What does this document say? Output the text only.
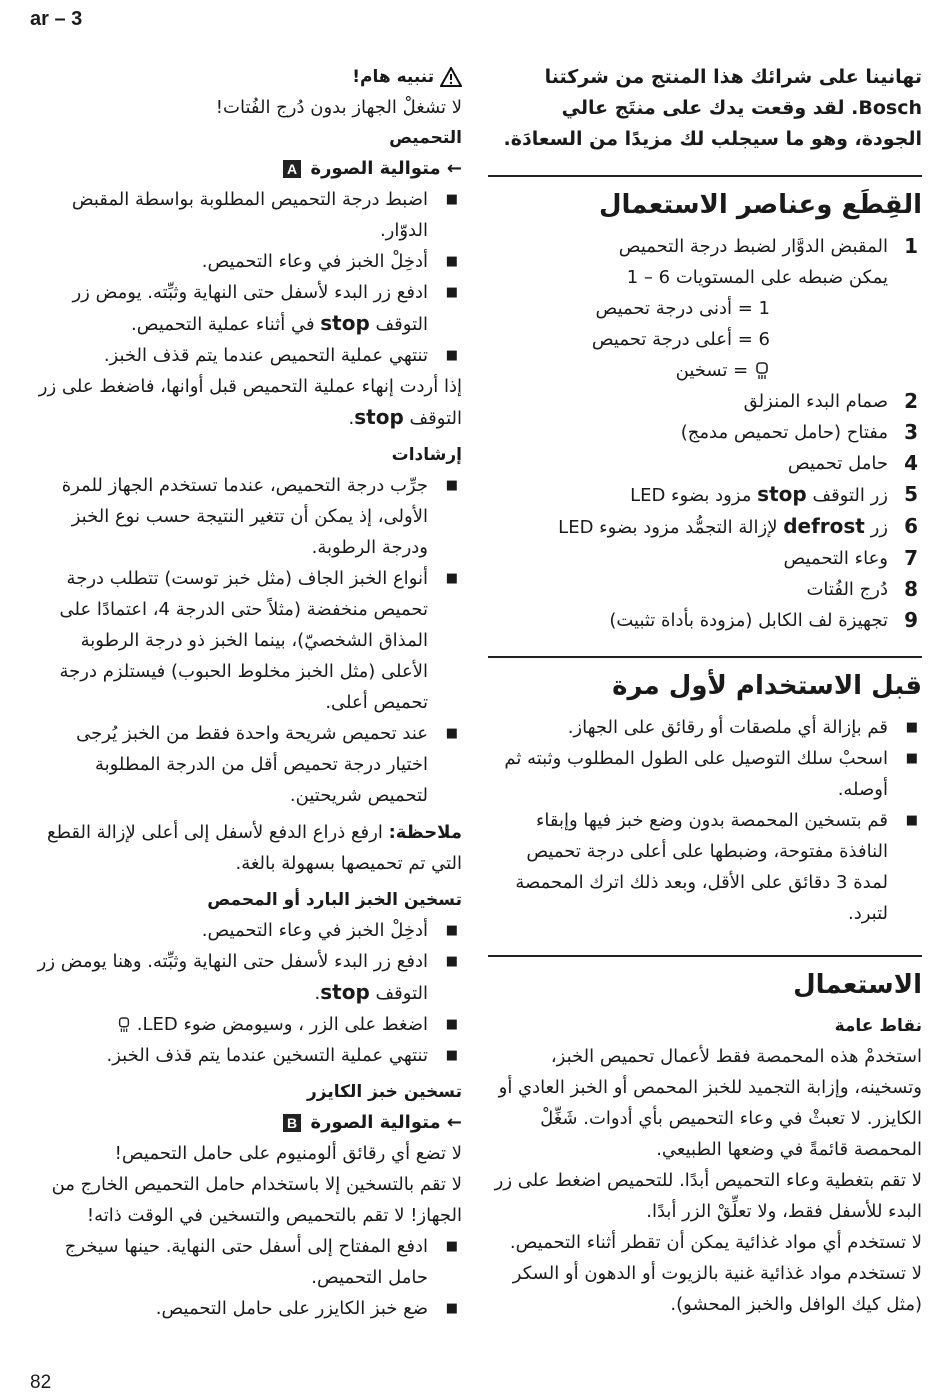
ar – 3

تهانينا على شرائك هذا المنتج من شركتنا Bosch. لقد وقعت يدك على منتَج عالي الجودة، وهو ما سيجلب لك مزيدًا من السعادَة.

القِطَع وعناصر الاستعمال
1

المقبض الدوَّار لضبط درجة التحميص

يمكن ضبطه على المستويات 6 – 1

1 = أدنى درجة تحميص

6 = أعلى درجة تحميص

= تسخين

2

صمام البدء المنزلق

3

مفتاح (حامل تحميص مدمج)

4

حامل تحميص

5

زر التوقف stop مزود بضوء LED

6

زر defrost لإزالة التجمُّد مزود بضوء LED

7

وعاء التحميص

8

دُرج الفُتات

9

تجهيزة لف الكابل (مزودة بأداة تثبيت)

قبل الاستخدام لأول مرة

■ قم بإزالة أي ملصقات أو رقائق على الجهاز.

■ اسحبْ سلك التوصيل على الطول المطلوب وثبته ثم أوصله.

■ قم بتسخين المحمصة بدون وضع خبز فيها وإبقاء النافذة مفتوحة، وضبطها على أعلى درجة تحميص لمدة 3 دقائق على الأقل، وبعد ذلك اترك المحمصة لتبرد.

الاستعمال

نقاط عامة

استخدمْ هذه المحمصة فقط لأعمال تحميص الخبز، وتسخينه، وإزابة التجميد للخبز المحمص أو الخبز العادي أو الكايزر. لا تعبثْ في وعاء التحميص بأي أدوات. شَغِّلْ المحمصة قائمةً في وضعها الطبيعي.

لا تقم بتغطية وعاء التحميص أبدًا. للتحميص اضغط على زر البدء للأسفل فقط، ولا تعلِّقْ الزر أبدًا.

لا تستخدم أي مواد غذائية يمكن أن تقطر أثناء التحميص.

لا تستخدم مواد غذائية غنية بالزيوت أو الدهون أو السكر (مثل كيك الوافل والخبز المحشو).

تنبيه هام!

لا تشغلْ الجهاز بدون دُرج الفُتات!

التحميص

← متوالية الصورة A

■ اضبط درجة التحميص المطلوبة بواسطة المقبض الدوّار.

■ أدخِلْ الخبز في وعاء التحميص.

■ ادفع زر البدء لأسفل حتى النهاية وثبِّته. يومض زر التوقف stop في أثناء عملية التحميص.

■ تنتهي عملية التحميص عندما يتم قذف الخبز.

إذا أردت إنهاء عملية التحميص قبل أوانها، فاضغط على زر التوقف stop.

إرشادات

■ جرِّب درجة التحميص، عندما تستخدم الجهاز للمرة الأولى، إذ يمكن أن تتغير النتيجة حسب نوع الخبز ودرجة الرطوبة.

■ أنواع الخبز الجاف (مثل خبز توست) تتطلب درجة تحميص منخفضة (مثلاً حتى الدرجة 4، اعتمادًا على المذاق الشخصيّ)، بينما الخبز ذو درجة الرطوبة الأعلى (مثل الخبز مخلوط الحبوب) فيستلزم درجة تحميص أعلى.

■ عند تحميص شريحة واحدة فقط من الخبز يُرجى اختيار درجة تحميص أقل من الدرجة المطلوبة لتحميص شريحتين.

ملاحظة: ارفع ذراع الدفع لأسفل إلى أعلى لإزالة القطع التي تم تحميصها بسهولة بالغة.

تسخين الخبز البارد أو المحمص

■ أدخِلْ الخبز في وعاء التحميص.

■ ادفع زر البدء لأسفل حتى النهاية وثبِّته. وهنا يومض زر التوقف stop.

■ اضغط على الزر ، وسيومض ضوء LED.

■ تنتهي عملية التسخين عندما يتم قذف الخبز.

تسخين خبز الكايزر

← متوالية الصورة B

لا تضع أي رقائق ألومنيوم على حامل التحميص!

لا تقم بالتسخين إلا باستخدام حامل التحميص الخارج من الجهاز! لا تقم بالتحميص والتسخين في الوقت ذاته!

■ ادفع المفتاح إلى أسفل حتى النهاية. حينها سيخرج حامل التحميص.

■ ضع خبز الكايزر على حامل التحميص.

82
